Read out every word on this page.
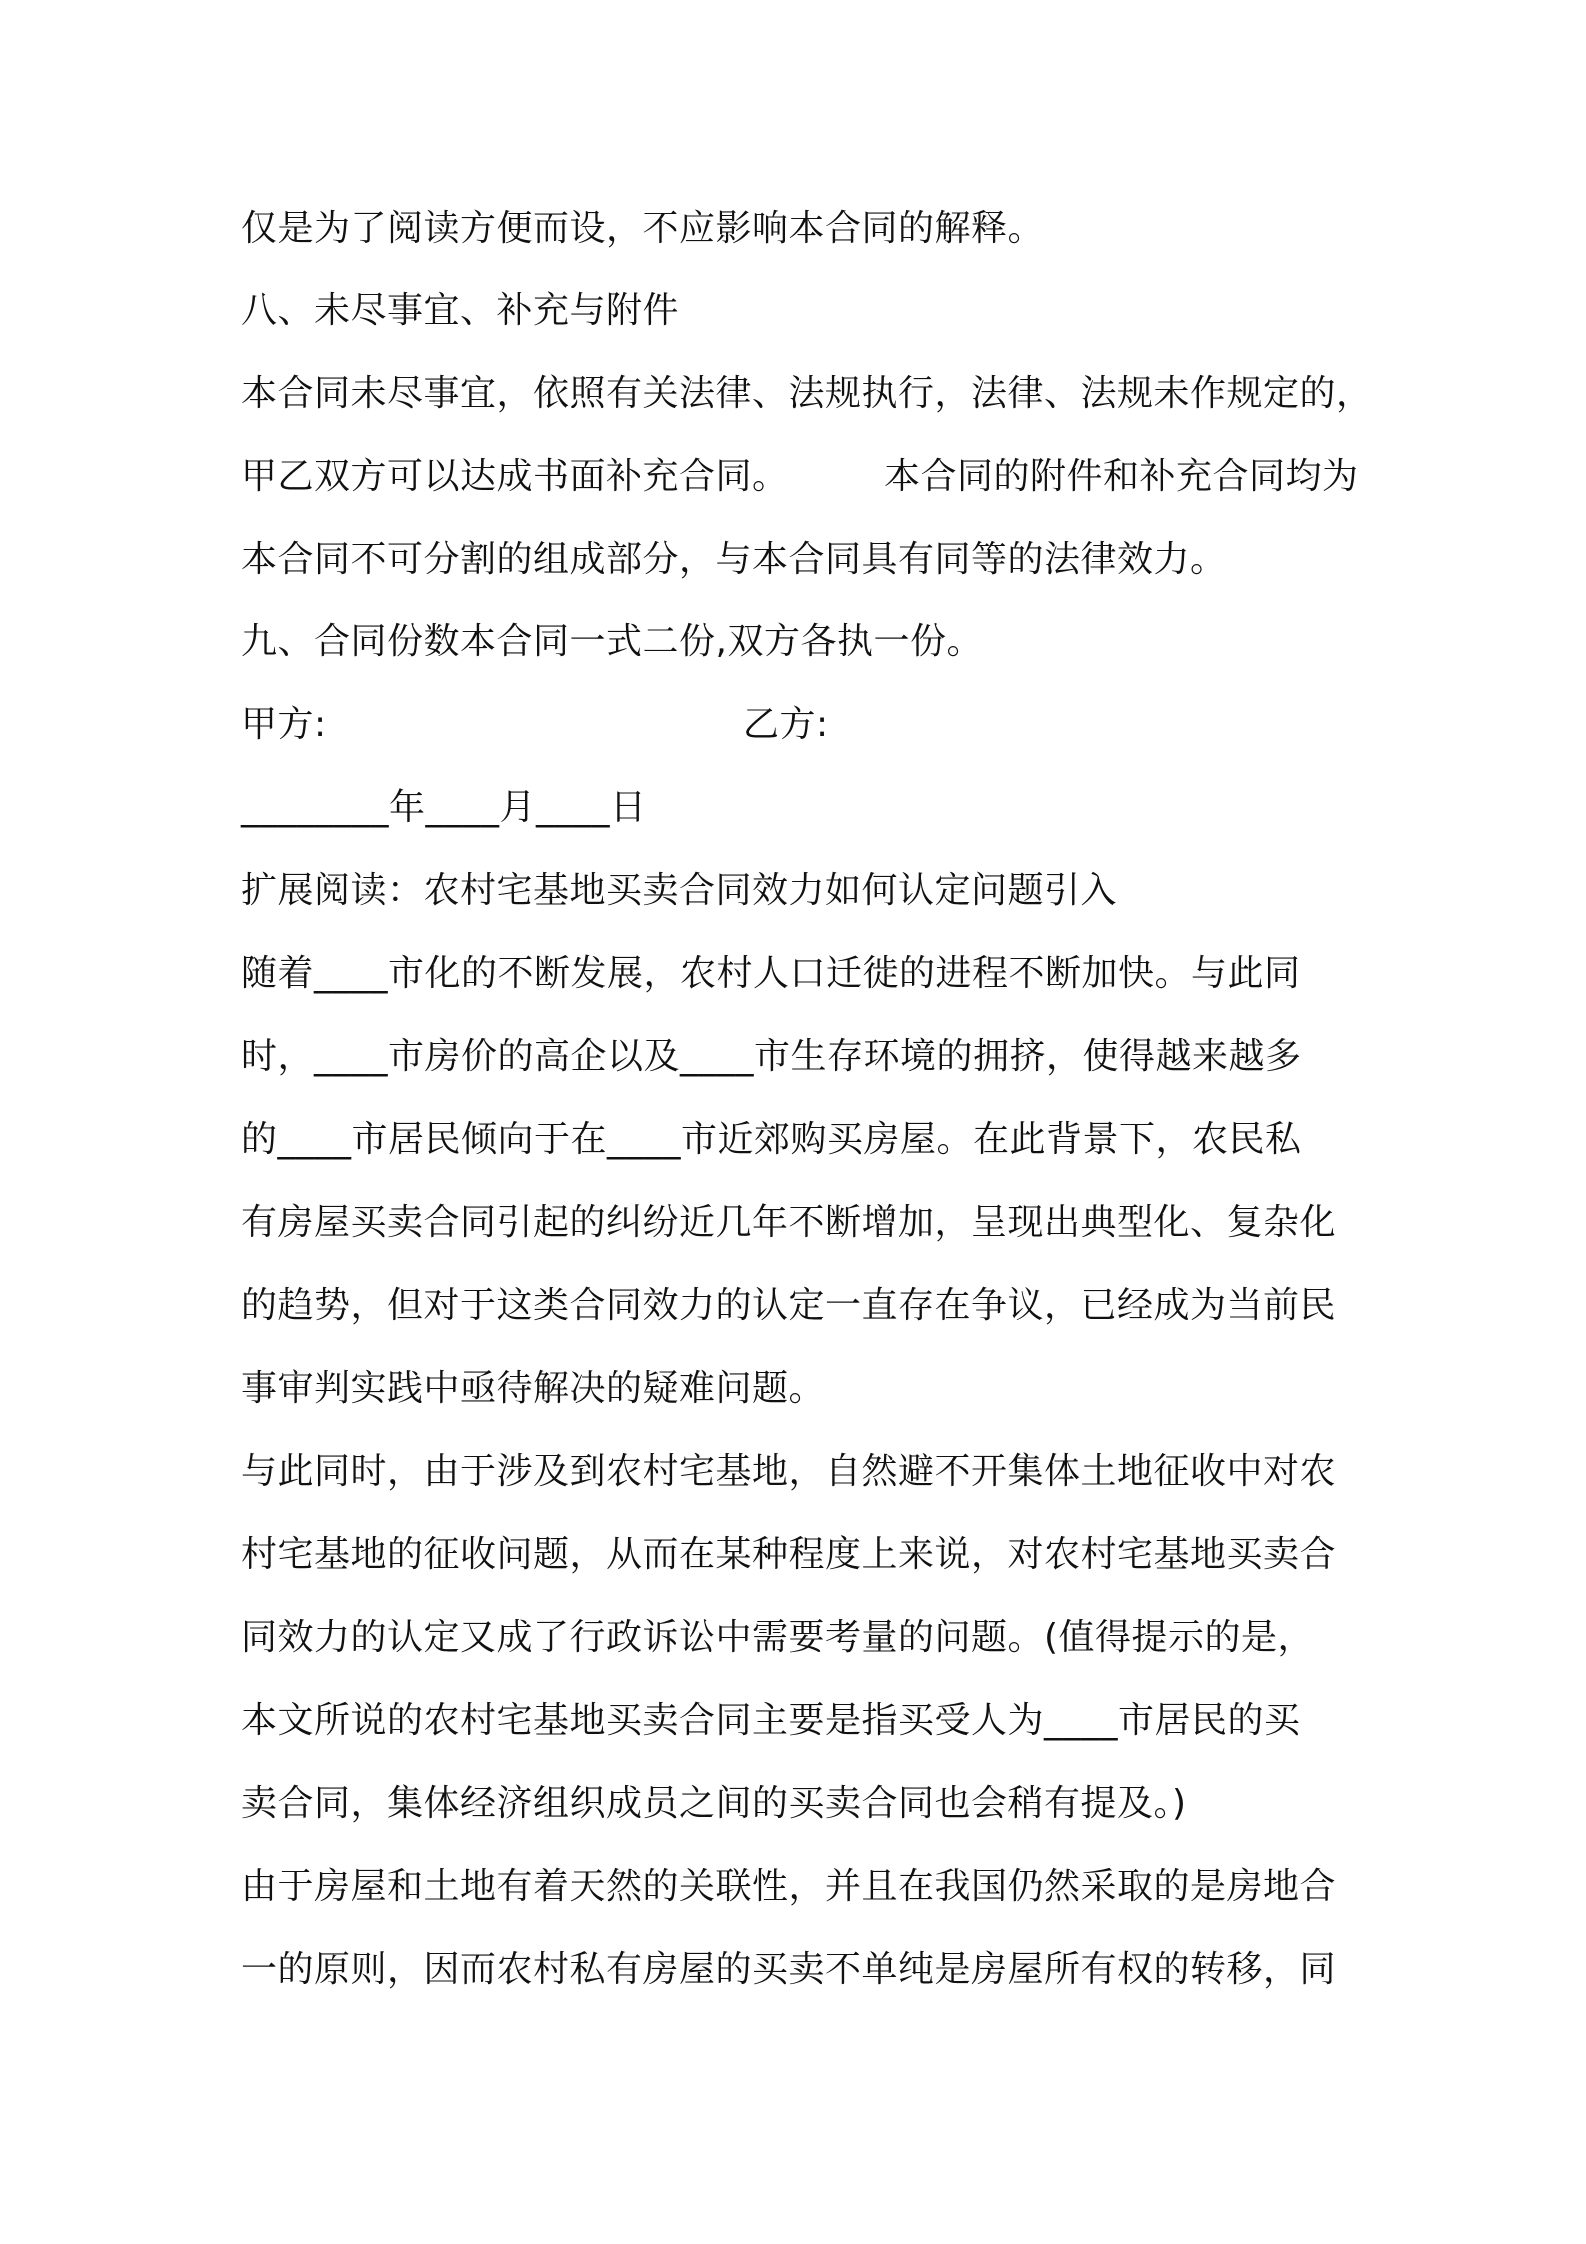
仅是为了阅读方便而设，不应影响本合同的解释。
八、未尽事宜、补充与附件
本合同未尽事宜，依照有关法律、法规执行，法律、法规未作规定的，
甲乙双方可以达成书面补充合同。        本合同的附件和补充合同均为
本合同不可分割的组成部分，与本合同具有同等的法律效力。
九、合同份数本合同一式二份,双方各执一份。
甲方:	乙方:
________年____月____日
扩展阅读：农村宅基地买卖合同效力如何认定问题引入
随着____市化的不断发展，农村人口迁徙的进程不断加快。与此同
时，____市房价的高企以及____市生存环境的拥挤，使得越来越多
的____市居民倾向于在____市近郊购买房屋。在此背景下，农民私
有房屋买卖合同引起的纠纷近几年不断增加，呈现出典型化、复杂化
的趋势，但对于这类合同效力的认定一直存在争议，已经成为当前民
事审判实践中亟待解决的疑难问题。
与此同时，由于涉及到农村宅基地，自然避不开集体土地征收中对农
村宅基地的征收问题，从而在某种程度上来说，对农村宅基地买卖合
同效力的认定又成了行政诉讼中需要考量的问题。(值得提示的是，
本文所说的农村宅基地买卖合同主要是指买受人为____市居民的买
卖合同，集体经济组织成员之间的买卖合同也会稍有提及。)
由于房屋和土地有着天然的关联性，并且在我国仍然采取的是房地合
一的原则，因而农村私有房屋的买卖不单纯是房屋所有权的转移，同
